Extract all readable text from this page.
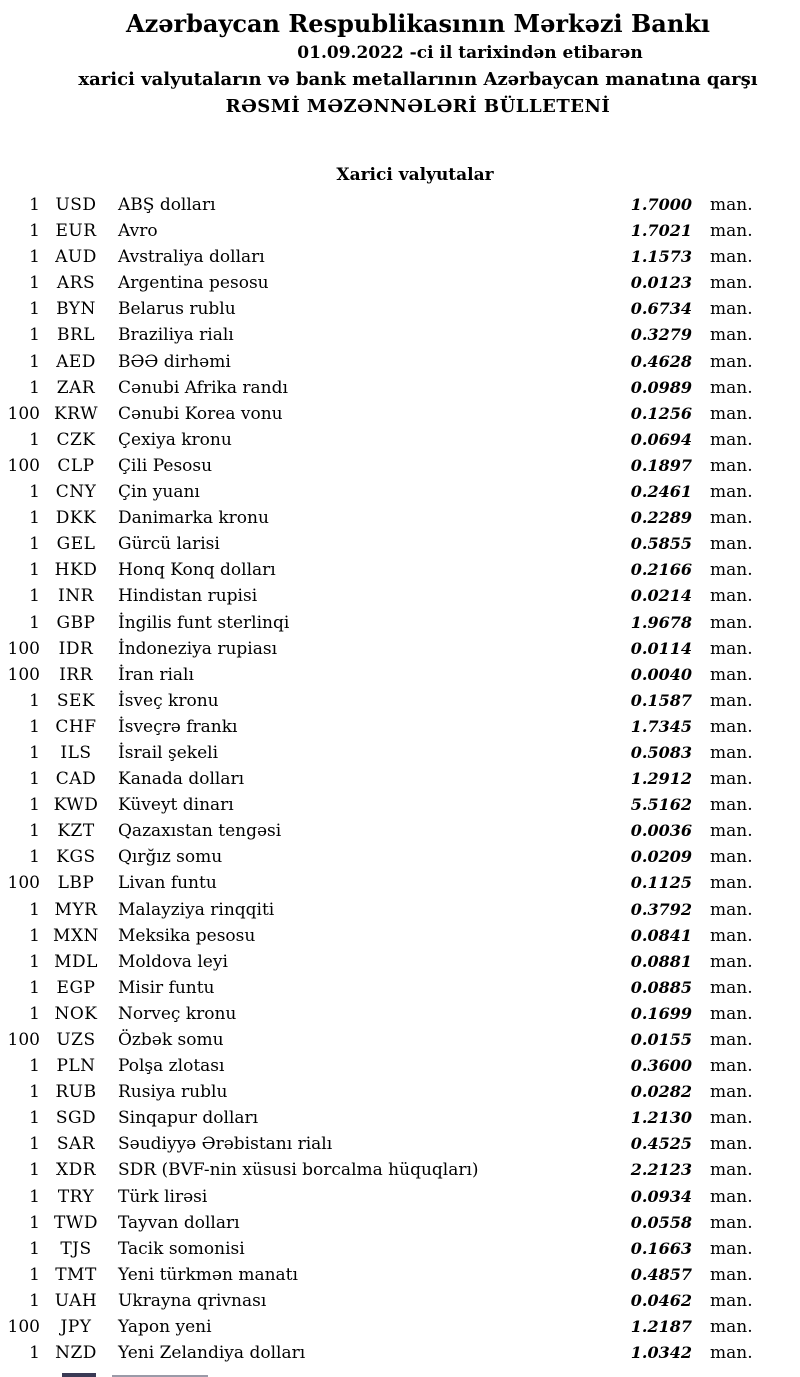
Azərbaycan Respublikasının Mərkəzi Bankı
01.09.2022 -ci il tarixindən etibarən
xarici valyutaların və bank metallarının Azərbaycan manatına qarşı
RƏSMİ MƏZƏNNƏLƏRİ BÜLLETENİ
Xarici valyutalar
1 USD	ABŞ dolları	1.7000	man.
1 EUR	Avro	1.7021	man.
1 AUD	Avstraliya dolları	1.1573	man.
1 ARS	Argentina pesosu	0.0123	man.
1 BYN	Belarus rublu	0.6734	man.
1 BRL	Braziliya rialı	0.3279	man.
1 AED	BƏƏ dirhəmi	0.4628	man.
1 ZAR	Cənubi Afrika randı	0.0989	man.
100 KRW	Cənubi Korea vonu	0.1256	man.
1 CZK	Çexiya kronu	0.0694	man.
100	CLP	Çili Pesosu	0.1897	man.
1 CNY	Çin yuanı	0.2461	man.
1 DKK	Danimarka kronu	0.2289	man.
1 GEL	Gürcü larisi	0.5855	man.
1 HKD	Honq Konq dolları	0.2166	man.
1	INR	Hindistan rupisi	0.0214	man.
1 GBP	İngilis funt sterlinqi	1.9678	man.
100	IDR	İndoneziya rupiası	0.0114	man.
100	IRR	İran rialı	0.0040	man.
1 SEK	İsveç kronu	0.1587	man.
1 CHF	İsveçrə frankı	1.7345	man.
1	ILS	İsrail şekeli	0.5083	man.
1 CAD	Kanada dolları	1.2912	man.
1 KWD	Küveyt dinarı	5.5162	man.
1	KZT	Qazaxıstan tengəsi	0.0036	man.
1 KGS	Qırğız somu	0.0209	man.
100	LBP	Livan funtu	0.1125	man.
1 MYR	Malayziya rinqqiti	0.3792	man.
1 MXN	Meksika pesosu	0.0841	man.
1 MDL	Moldova leyi	0.0881	man.
1 EGP	Misir funtu	0.0885	man.
1 NOK	Norveç kronu	0.1699	man.
100 UZS	Özbək somu	0.0155	man.
1 PLN	Polşa zlotası	0.3600	man.
1 RUB	Rusiya rublu	0.0282	man.
1 SGD	Sinqapur dolları	1.2130	man.
1 SAR	Səudiyyə Ərəbistanı rialı	0.4525	man.
1 XDR	SDR (BVF-nin xüsusi borcalma hüquqları)	2.2123	man.
1	TRY	Türk lirəsi	0.0934	man.
1 TWD	Tayvan dolları	0.0558	man.
1	TJS	Tacik somonisi	0.1663	man.
1 TMT	Yeni türkmən manatı	0.4857	man.
1 UAH	Ukrayna qrivnası	0.0462	man.
100	JPY	Yapon yeni	1.2187	man.
1 NZD	Yeni Zelandiya dolları	1.0342	man.
